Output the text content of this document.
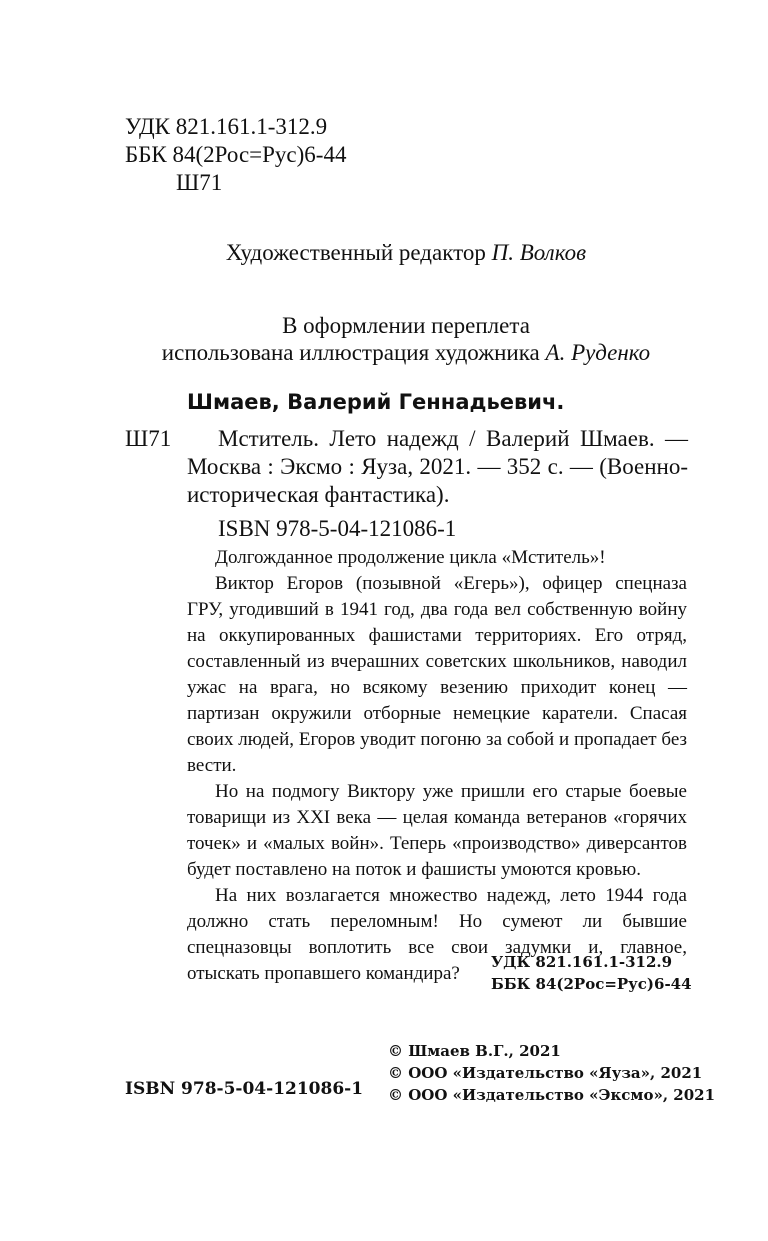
УДК 821.161.1-312.9
ББК 84(2Рос=Рус)6-44
Ш71
Художественный редактор П. Волков
В оформлении переплета
использована иллюстрация художника А. Руденко
Шмаев, Валерий Геннадьевич.
Ш71 Мститель. Лето надежд / Валерий Шмаев. —
Москва : Эксмо : Яуза, 2021. — 352 с. — (Военно-
историческая фантастика).
ISBN 978-5-04-121086-1

Долгожданное продолжение цикла «Мститель»!

Виктор Егоров (позывной «Егерь»), офицер спецназа ГРУ, угодивший в 1941 год, два года вел собственную войну на оккупированных фашистами территориях. Его отряд, составленный из вчерашних советских школьников, наводил ужас на врага, но всякому везению приходит конец — партизан окружили отборные немецкие каратели. Спасая своих людей, Егоров уводит погоню за собой и пропадает без вести.

Но на подмогу Виктору уже пришли его старые боевые товарищи из XXI века — целая команда ветеранов «горячих точек» и «малых войн». Теперь «производство» диверсантов будет поставлено на поток и фашисты умоются кровью.

На них возлагается множество надежд, лето 1944 года должно стать переломным! Но сумеют ли бывшие спецназовцы воплотить все свои задумки и, главное, отыскать пропавшего командира?

УДК 821.161.1-312.9
ББК 84(2Рос=Рус)6-44
© Шмаев В.Г., 2021
© ООО «Издательство «Яуза», 2021
© ООО «Издательство «Эксмо», 2021
ISBN 978-5-04-121086-1
